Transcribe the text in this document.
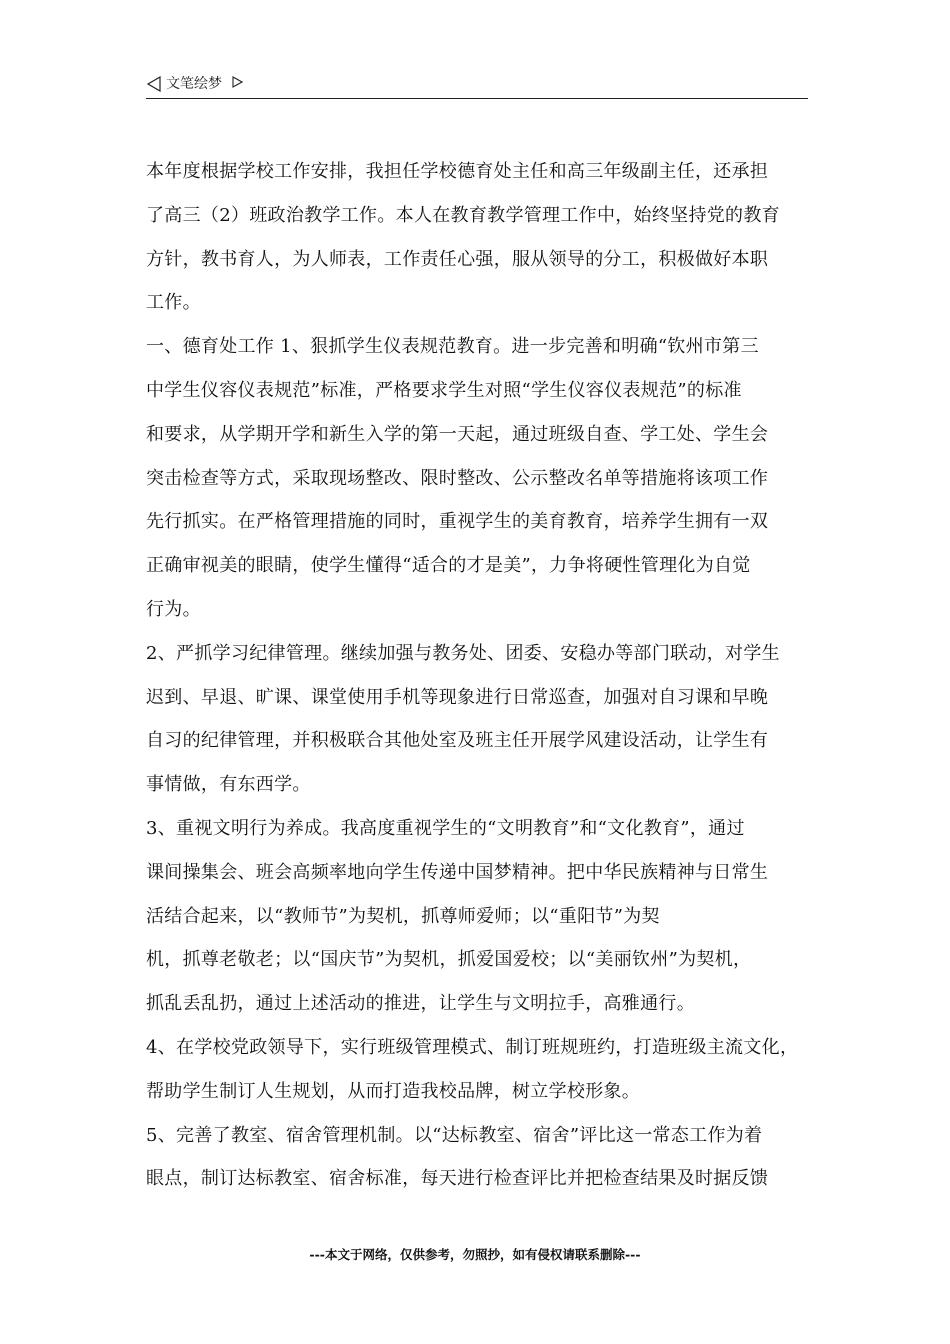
文笔绘梦
本年度根据学校工作安排，我担任学校德育处主任和高三年级副主任，还承担
了高三（2）班政治教学工作。本人在教育教学管理工作中，始终坚持党的教育
方针，教书育人，为人师表，工作责任心强，服从领导的分工，积极做好本职
工作。
一、德育处工作 1、狠抓学生仪表规范教育。进一步完善和明确“钦州市第三
中学生仪容仪表规范”标准，严格要求学生对照“学生仪容仪表规范”的标准
和要求，从学期开学和新生入学的第一天起，通过班级自查、学工处、学生会
突击检查等方式，采取现场整改、限时整改、公示整改名单等措施将该项工作
先行抓实。在严格管理措施的同时，重视学生的美育教育，培养学生拥有一双
正确审视美的眼睛，使学生懂得“适合的才是美”，力争将硬性管理化为自觉
行为。
2、严抓学习纪律管理。继续加强与教务处、团委、安稳办等部门联动，对学生
迟到、早退、旷课、课堂使用手机等现象进行日常巡查，加强对自习课和早晚
自习的纪律管理，并积极联合其他处室及班主任开展学风建设活动，让学生有
事情做，有东西学。
3、重视文明行为养成。我高度重视学生的“文明教育”和“文化教育”，通过
课间操集会、班会高频率地向学生传递中国梦精神。把中华民族精神与日常生
活结合起来，以“教师节”为契机，抓尊师爱师；以“重阳节”为契
机，抓尊老敬老；以“国庆节”为契机，抓爱国爱校；以“美丽钦州”为契机，
抓乱丢乱扔，通过上述活动的推进，让学生与文明拉手，高雅通行。
4、在学校党政领导下，实行班级管理模式、制订班规班约，打造班级主流文化，
帮助学生制订人生规划，从而打造我校品牌，树立学校形象。
5、完善了教室、宿舍管理机制。以“达标教室、宿舍”评比这一常态工作为着
眼点，制订达标教室、宿舍标准，每天进行检查评比并把检查结果及时据反馈
---本文于网络，仅供参考，勿照抄，如有侵权请联系删除---
